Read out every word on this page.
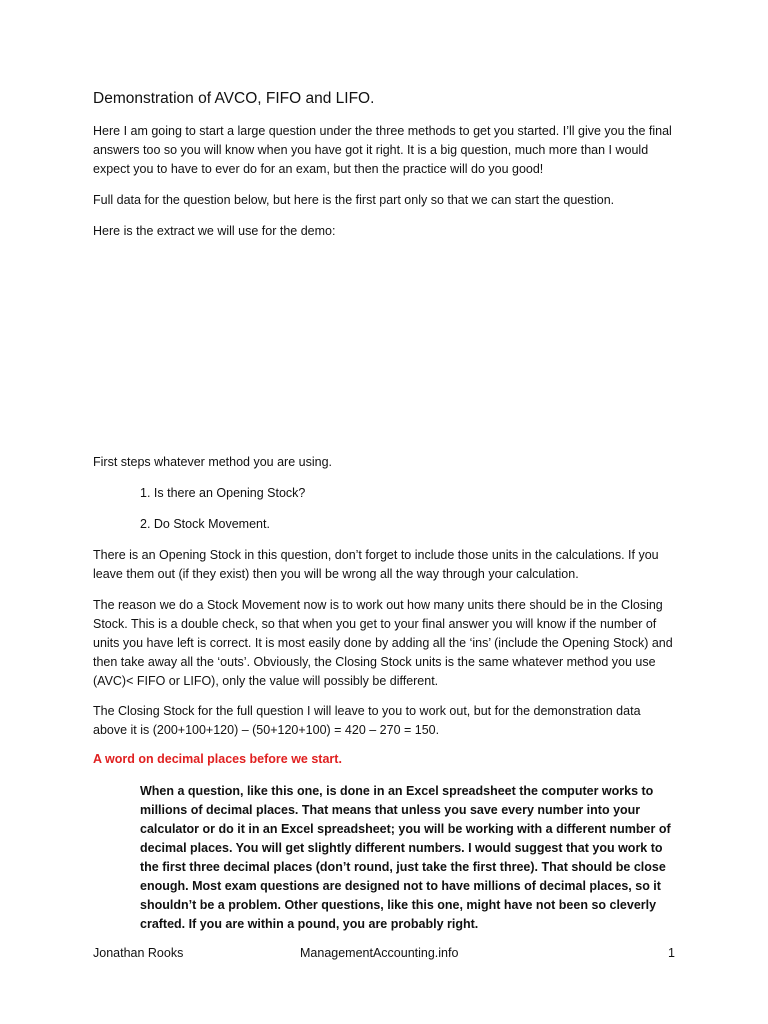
Demonstration of AVCO, FIFO and LIFO.

Here I am going to start a large question under the three methods to get you started. I’ll give you the final answers too so you will know when you have got it right. It is a big question, much more than I would expect you to have to ever do for an exam, but then the practice will do you good!

Full data for the question below, but here is the first part only so that we can start the question.

Here is the extract we will use for the demo:

First steps whatever method you are using.

1. Is there an Opening Stock?
2. Do Stock Movement.

There is an Opening Stock in this question, don’t forget to include those units in the calculations. If you leave them out (if they exist) then you will be wrong all the way through your calculation.

The reason we do a Stock Movement now is to work out how many units there should be in the Closing Stock. This is a double check, so that when you get to your final answer you will know if the number of units you have left is correct. It is most easily done by adding all the ‘ins’ (include the Opening Stock) and then take away all the ‘outs’. Obviously, the Closing Stock units is the same whatever method you use (AVC)< FIFO or LIFO), only the value will possibly be different.

The Closing Stock for the full question I will leave to you to work out, but for the demonstration data above it is (200+100+120) – (50+120+100) = 420 – 270 = 150.

A word on decimal places before we start.
When a question, like this one, is done in an Excel spreadsheet the computer works to millions of decimal places. That means that unless you save every number into your calculator or do it in an Excel spreadsheet; you will be working with a different number of decimal places. You will get slightly different numbers. I would suggest that you work to the first three decimal places (don’t round, just take the first three). That should be close enough. Most exam questions are designed not to have millions of decimal places, so it shouldn’t be a problem. Other questions, like this one, might have not been so cleverly crafted. If you are within a pound, you are probably right.
Jonathan Rooks	ManagementAccounting.info	1
